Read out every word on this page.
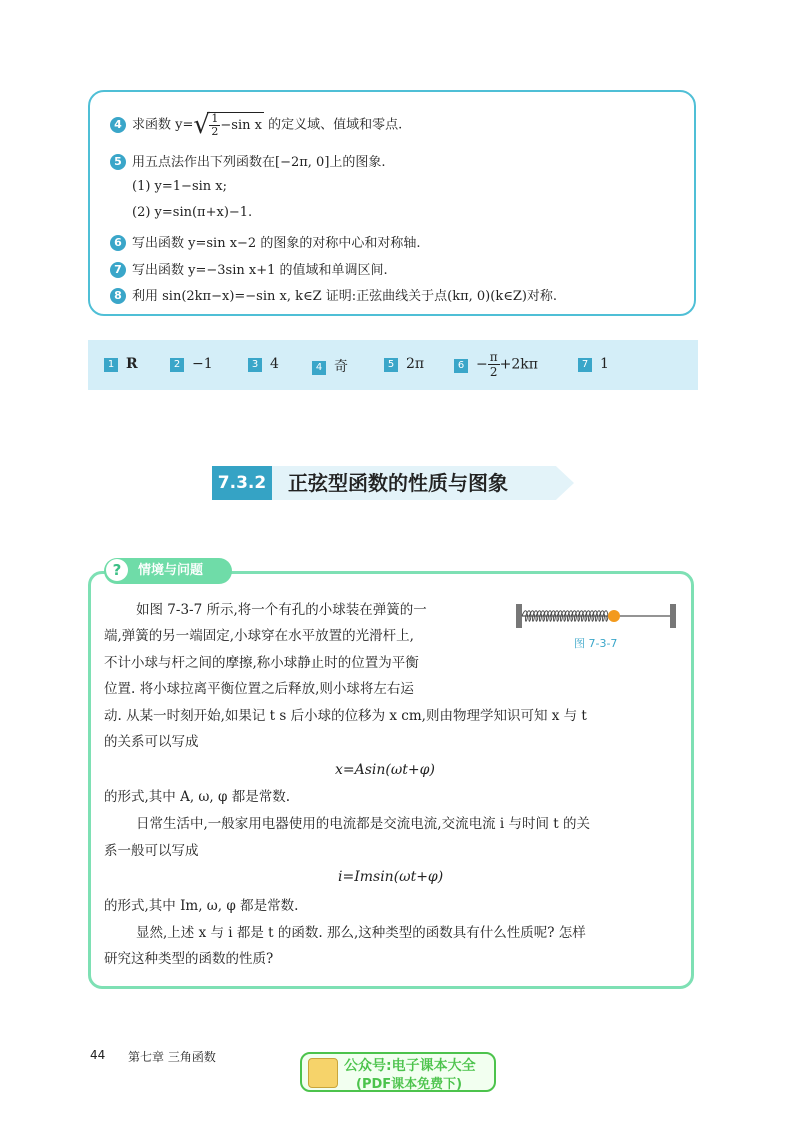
4 求函数 y= √ $\frac{1}{2} -\sin$ x 的定义域、值域和零点.
5 用五点法作出下列函数在[−2π, 0]上的图象.
(1) y=1−sin x;
(2) y=sin(π+x)−1.
6 写出函数 y=sin x−2 的图象的对称中心和对称轴.
7 写出函数 y=−3sin x+1 的值域和单调区间.
8 利用 sin(2kπ−x)=−sin x, k∈Z 证明:正弦曲线关于点(kπ, 0)(k∈Z)对称.
1 R	2 −1	3 4	4 奇	5 2π	$6 - \frac{\pi}{2} +2k\pi$	7 1
7.3.2 正弦型函数的性质与图象
?	情境与问题
图 7-3-7
如图 7-3-7 所示,将一个有孔的小球装在弹簧的一
端,弹簧的另一端固定,小球穿在水平放置的光滑杆上,
不计小球与杆之间的摩擦,称小球静止时的位置为平衡
位置. 将小球拉离平衡位置之后释放,则小球将左右运
动. 从某一时刻开始,如果记 t s 后小球的位移为 x cm,则由物理学知识可知 x 与 t
的关系可以写成
x=Asin(ωt+φ)
的形式,其中 A, ω, φ 都是常数.
日常生活中,一般家用电器使用的电流都是交流电流,交流电流 i 与时间 t 的关
系一般可以写成
i=Imsin(ωt+φ)
的形式,其中 Im, ω, φ 都是常数.
显然,上述 x 与 i 都是 t 的函数. 那么,这种类型的函数具有什么性质呢? 怎样
研究这种类型的函数的性质?
44 第七章 三角函数
公众号:电子课本大全
(PDF课本免费下)
